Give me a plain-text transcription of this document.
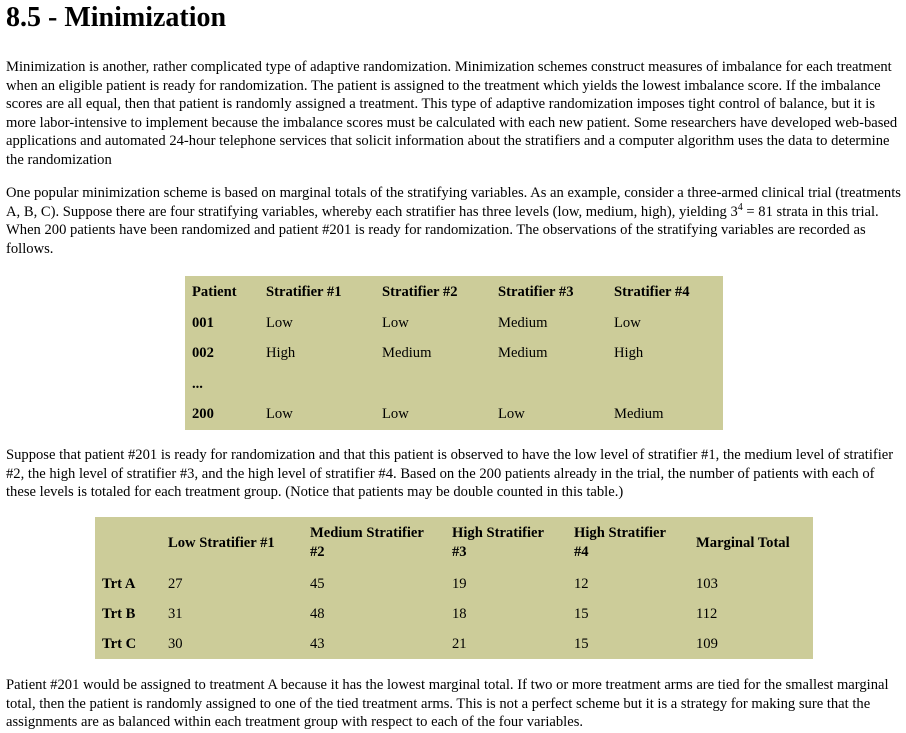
8.5 - Minimization

Minimization is another, rather complicated type of adaptive randomization. Minimization schemes construct measures of imbalance for each treatment when an eligible patient is ready for randomization. The patient is assigned to the treatment which yields the lowest imbalance score. If the imbalance scores are all equal, then that patient is randomly assigned a treatment. This type of adaptive randomization imposes tight control of balance, but it is more labor-intensive to implement because the imbalance scores must be calculated with each new patient. Some researchers have developed web-based applications and automated 24-hour telephone services that solicit information about the stratifiers and a computer algorithm uses the data to determine the randomization

One popular minimization scheme is based on marginal totals of the stratifying variables. As an example, consider a three-armed clinical trial (treatments A, B, C). Suppose there are four stratifying variables, whereby each stratifier has three levels (low, medium, high), yielding $3^4 = 81$ strata in this trial. When 200 patients have been randomized and patient #201 is ready for randomization. The observations of the stratifying variables are recorded as follows.

Patient	Stratifier #1	Stratifier #2	Stratifier #3	Stratifier #4
001	Low	Low	Medium	Low
002	High	Medium	Medium	High
...				
200	Low	Low	Low	Medium

Suppose that patient #201 is ready for randomization and that this patient is observed to have the low level of stratifier #1, the medium level of stratifier #2, the high level of stratifier #3, and the high level of stratifier #4. Based on the 200 patients already in the trial, the number of patients with each of these levels is totaled for each treatment group. (Notice that patients may be double counted in this table.)

	Low Stratifier #1	Medium Stratifier #2	High Stratifier #3	High Stratifier #4	Marginal Total
Trt A	27	45	19	12	103
Trt B	31	48	18	15	112
Trt C	30	43	21	15	109

Patient #201 would be assigned to treatment A because it has the lowest marginal total. If two or more treatment arms are tied for the smallest marginal total, then the patient is randomly assigned to one of the tied treatment arms. This is not a perfect scheme but it is a strategy for making sure that the assignments are as balanced within each treatment group with respect to each of the four variables.
